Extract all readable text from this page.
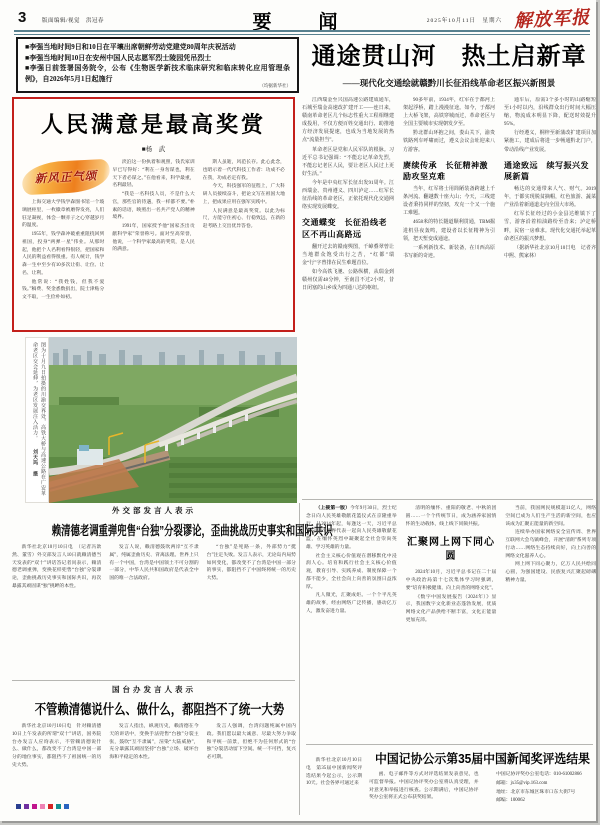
3	版面编辑/视觉　洪冠春	要　闻	2025年10月11日　星期六 解放军报

■李强当地时间9日和10日在平壤出席朝鲜劳动党建党80周年庆祝活动

■李强当地时间10日在安州中国人民志愿军烈士陵园凭吊烈士

■李强日前签署国务院令，公布《生物医学新技术临床研究和临床转化应用管理条例》，自2026年5月1日起施行

（均据新华社）
通途贯山河　热土启新章
——现代化交通绘就赣黔川长征沿线革命老区振兴新图景

江西瑞金至兴国高速公路建成通车，石城至瑞金高速改扩建开工——连日来，赣南革命老区几个标志性重大工程相继建成投用，不仅方便百姓交通出行、助推地方经济发展提速，也成为当地发展的热点“流量担当”。

革命老区是党和人民军队的根脉。习近平总书记强调：“不能忘记革命先烈，不能忘记老区人民，要让老区人民过上更好生活。”

今年是中央红军长征出发91周年。江西瑞金、贵州遵义、四川泸定……红军长征沿线的革命老区，正依托现代化交通网络实现发展蝶变。

交通蝶变　长征沿线老区不再山高路远

翻开过去的赣南舆图，千嶂叠翠曾让当地群众饱受出行之苦，“红都”瑞金“行”字曾排在民生难题首位。

如今高铁飞驰、公路纵横，从瑞金到赣州仅需48分钟，至南昌不过2小时，昔日闭塞的山乡成为四通八达的枢纽。

90多年前，1934年，红军在于都河上架起浮桥，踏上漫漫征途。如今，于都河上大桥飞架，高铁穿城而过，革命老区与全国主要城市实现朝发夕至。

黔北群山环抱之间，娄山关下，渝贵铁路列车呼啸而过，遵义会议会址迎来八方游客。

赓续传承　长征精神激励攻坚克难

当年，红军将士用简陋装备跨越上千条河流、翻越数十座大山；今天，三线建设者秉持同样的坚韧，攻克一个又一个施工难题。

4658米的特长隧道顺利贯通，TBM掘进机昼夜轰鸣，建设者以长征精神为引领，把天堑变成通途。

一系列新技术、新装备，在川西高原书写新的奇迹。

通车后，原需3个多小时的山路缩短至1小时以内，沿线群众出行时间大幅压缩，物流成本明显下降，配送时效提升95%。

行经遵义，桐梓至新蒲改扩建项目加紧施工，建成后将进一步畅通黔北门户，带动沿线产业发展。

通途致远　续写振兴发展新篇

畅达的交通带来人气、财气。2019年，于都实现脱贫摘帽，红色旅游、蔬菜产业沿着新通道走向全国大市场。

红军长征经过的小金县达维镇下了雪，游客沿着柏油路纷至沓来；泸定桥畔，民宿一房难求。现代化交通托举起革命老区的振兴梦想。

（据新华社北京10月10日电　记者齐中熙、熊家林）

人民满意是最高奖赏
■杨　武
新风正气颂

上海交通大学钱学森图书馆一个玻璃展柜里，一枚徽章被磨得发亮，人们驻足凝视，体会一颗赤子之心穿越岁月的温度。

1955年，钱学森冲破重重阻挠回到祖国，投身“两弹一星”伟业。从那时起，他把个人名利看得很轻，把国家和人民的利益看得很重。有人统计，钱学森一生中至少有10多次让衔、让位、让名、让利。

他常说：“我姓钱，但我不爱钱。”稿费、奖金悉数捐出，院士津贴分文不取，一生俭朴如初。

淡泊这一份执着和观照，钱氏家训早已写得好：“利在一身勿谋也，利在天下者必谋之。”在他看来，科学最重，名利最轻。

“我是一名科技人员，不是什么大官，那些官的待遇，我一样都不要。”朴素的话语，映照出一名共产党人的精神境界。

1991年，国家授予他“国家杰出贡献科学家”荣誉称号。面对至高荣誉，他说，一个科学家最高的奖赏，是人民的满意。

斯人虽逝，风范长存。此心此念，也昭示着一代代科技工作者：功成不必在我，功成必定有我。

今天，科技强军的征程上，广大科研人员接续奋斗，把论文写在祖国大地上，把成果应用在强军实践中。

人民满意是最高奖赏。以此为标尺，方能守住初心、行稳致远，在新的赶考路上交出优异答卷。

图为十月九日拍摄的川渝交界处，高铁大桥与高速公路在广安革命老区交会延伸，为老区发展注入活力。 刘天玛　摄
外交部发言人表示
赖清德老调重弹兜售“台独”分裂谬论，歪曲挑战历史事实和国际共识

新华社北京10月10日电　（记者冯歆然、董雪）外交部发言人10日就赖清德当天发表的“双十”讲话答记者问表示，赖清德老调重弹，变换花样兜售“台独”分裂谬论，歪曲挑战历史事实和国际共识，再次暴露其顽固谋“独”挑衅的本性。

发言人说，赖清德鼓吹两岸“互不隶属”，纯属歪曲历史、背离法理。世界上只有一个中国，台湾是中国领土不可分割的一部分，中华人民共和国政府是代表全中国的唯一合法政府。

“台独”是死路一条，外部势力“挺台”注定失败。发言人表示，无论岛内局势如何变化，都改变不了台湾是中国一部分的事实，都阻挡不了中国终将统一的历史大势。

国台办发言人表示
不管赖清德说什么、做什么，都阻挡不了统一大势

新华社北京10月10日电　针对赖清德10日上午发表的所谓“双十”讲话，国务院台办发言人应询表示，不管赖清德说什么、做什么，都改变不了台湾是中国一部分的地位事实，都阻挡不了祖国统一的历史大势。

发言人指出，纵观历史，赖清德在今天的讲话中，变换手法兜售“台独”分裂主张，鼓吹“互不隶属”，渲染“大陆威胁”，充分暴露其顽固坚持“台独”立场、破坏台海和平稳定的本性。

发言人强调，台湾问题纯属中国内政。我们愿以最大诚意、尽最大努力争取和平统一前景，但绝不为任何形式的“台独”分裂活动留下空间。统一不可挡，复兴必可期。

（上接第一版）今年9月30日，烈士纪念日向人民英雄敬献花篮仪式在京隆重举行。从2014年起，每逢这一天，习近平总书记都同各界代表一起向人民英雄敬献花篮，在缅怀英烈中凝聚起全社会崇尚英雄、学习英雄的力量。

社会主义核心价值观在潜移默化中浸润人心。培育和践行社会主义核心价值观，教育引导、实践养成、制度保障一个都不能少，全社会向上向善的氛围日益浓厚。

凡人微光，汇聚成炬。一个个平凡英雄的故事，经由网络广泛传播，感动亿万人，激发奋进力量。

清明的缅怀、重阳的敬老、中秋的团圆……一个个传统节日，成为涵养家国情怀的生动载体，线上线下同频共振。

汇聚网上网下同心圆

2024年10月，习近平总书记在二十届中央政治局第十七次集体学习时强调，要“培育积极健康、向上向善的网络文化”。

《数字中国发展报告（2024年）》显示，我国数字文化新业态蓬勃发展，优质网络文化产品供给不断丰富，文化正能量更加充沛。

当前，我国网民规模超11亿人，网络空间已成为人们生产生活的新空间，也应该成为汇聚正能量的新空间。

连续举办国家网络安全宣传周、世界互联网大会乌镇峰会，开展“清朗”系列专项行动……网络生态持续向好，向上向善的网络文化滋养人心。

网上网下同心聚力，亿万人民共绘同心圆，为强国建设、民族复兴汇聚起磅礴精神力量。

新华社北京10月10日电　第35届中国新闻奖评选结果今起公示，公示期10天。社会各界可通过来

中国记协公示第35届中国新闻奖评选结果

函、电子邮件等方式对评选结果发表意见，也可监督举报。中国记协评奖办公室将认真受理，并对意见和举报进行核查。公示期满后，中国记协评奖办公室将正式公布获奖结果。

中国记协评奖办公室电话：010-61002866

邮箱：jx35@vip.163.com

地址：北京市东城区珠市口东大街7号

邮编：100062
